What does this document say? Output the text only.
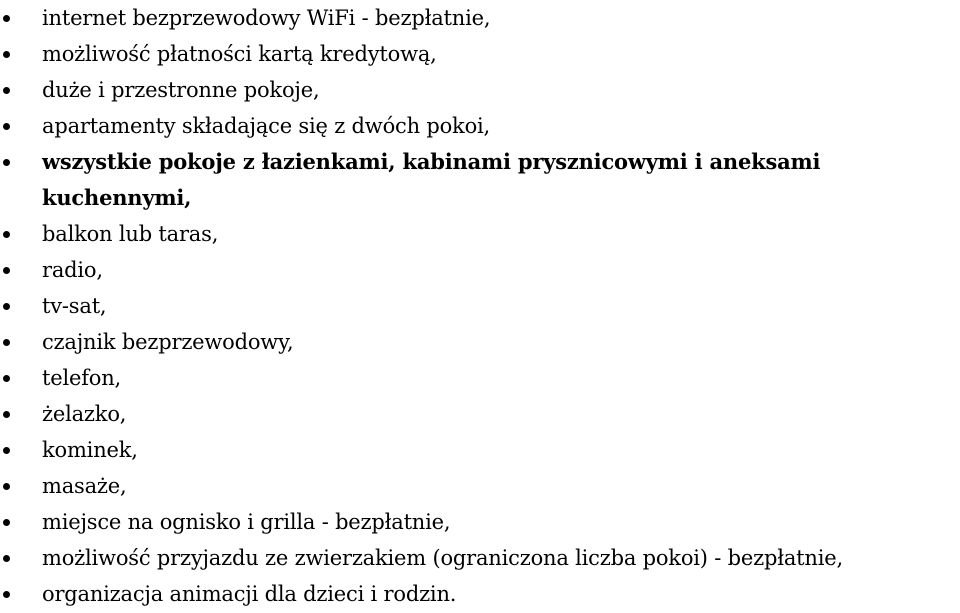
internet bezprzewodowy WiFi - bezpłatnie,
możliwość płatności kartą kredytową,
duże i przestronne pokoje,
apartamenty składające się z dwóch pokoi,
wszystkie pokoje z łazienkami, kabinami prysznicowymi i aneksami kuchennymi,
balkon lub taras,
radio,
tv-sat,
czajnik bezprzewodowy,
telefon,
żelazko,
kominek,
masaże,
miejsce na ognisko i grilla - bezpłatnie,
możliwość przyjazdu ze zwierzakiem (ograniczona liczba pokoi) - bezpłatnie,
organizacja animacji dla dzieci i rodzin.
